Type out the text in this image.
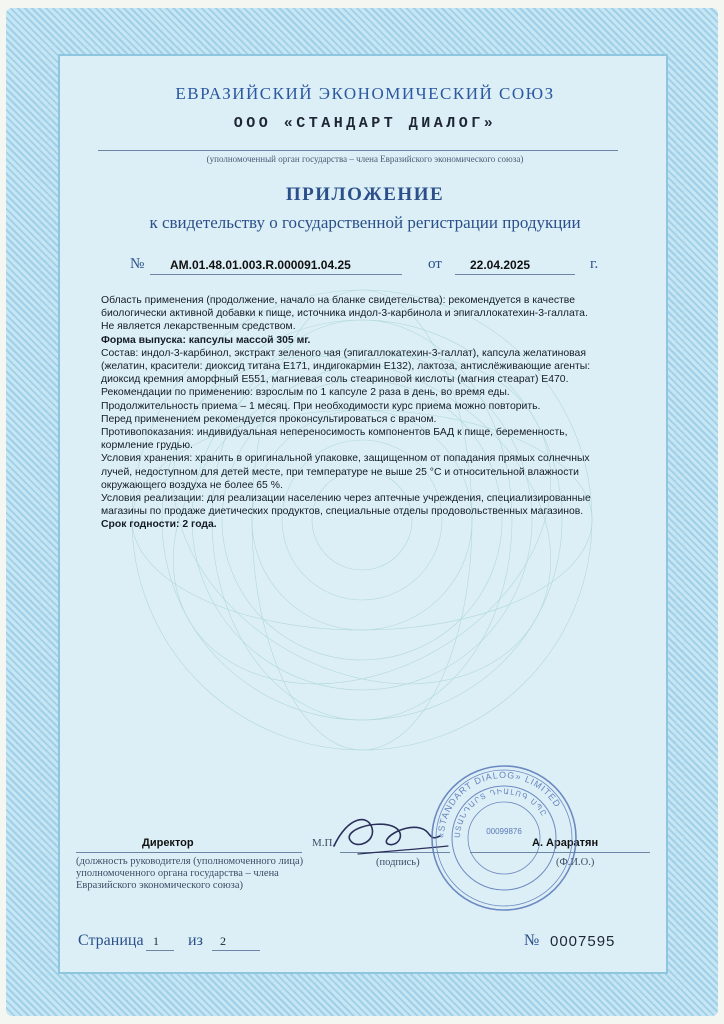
ЕВРАЗИЙСКИЙ ЭКОНОМИЧЕСКИЙ СОЮЗ
ООО «СТАНДАРТ ДИАЛОГ»
(уполномоченный орган государства – члена Евразийского экономического союза)
ПРИЛОЖЕНИЕ
к свидетельству о государственной регистрации продукции
№ AM.01.48.01.003.R.000091.04.25	от 22.04.2025	г.

Область применения (продолжение, начало на бланке свидетельства): рекомендуется в качестве биологически активной добавки к пище, источника индол-3-карбинола и эпигаллокатехин-3-галлата.

Не является лекарственным средством.

Форма выпуска: капсулы массой 305 мг.

Состав: индол-3-карбинол, экстракт зеленого чая (эпигаллокатехин-3-галлат), капсула желатиновая (желатин, красители: диоксид титана Е171, индигокармин Е132), лактоза, антислёживающие агенты: диоксид кремния аморфный Е551, магниевая соль стеариновой кислоты (магния стеарат) Е470.

Рекомендации по применению: взрослым по 1 капсуле 2 раза в день, во время еды.

Продолжительность приема – 1 месяц. При необходимости курс приема можно повторить.

Перед применением рекомендуется проконсультироваться с врачом.

Противопоказания: индивидуальная непереносимость компонентов БАД к пище, беременность, кормление грудью.

Условия хранения: хранить в оригинальной упаковке, защищенном от попадания прямых солнечных лучей, недоступном для детей месте, при температуре не выше 25 °С и относительной влажности окружающего воздуха не более 65 %.

Условия реализации: для реализации населению через аптечные учреждения, специализированные магазины по продаже диетических продуктов, специальные отделы продовольственных магазинов.

Срок годности: 2 года.

Директор	М.П.
(подпись)
А. Араратян
(Ф.И.О.)
(должность руководителя (уполномоченного лица) уполномоченного органа государства – члена Евразийского экономического союза)
«STANDART DIALOG» LIMITED
ՍՏԱՆԴԱՐՏ ԴԻԱԼՈԳ ՍՊԸ
00099876
Страница 1 из 2	№ 0007595
